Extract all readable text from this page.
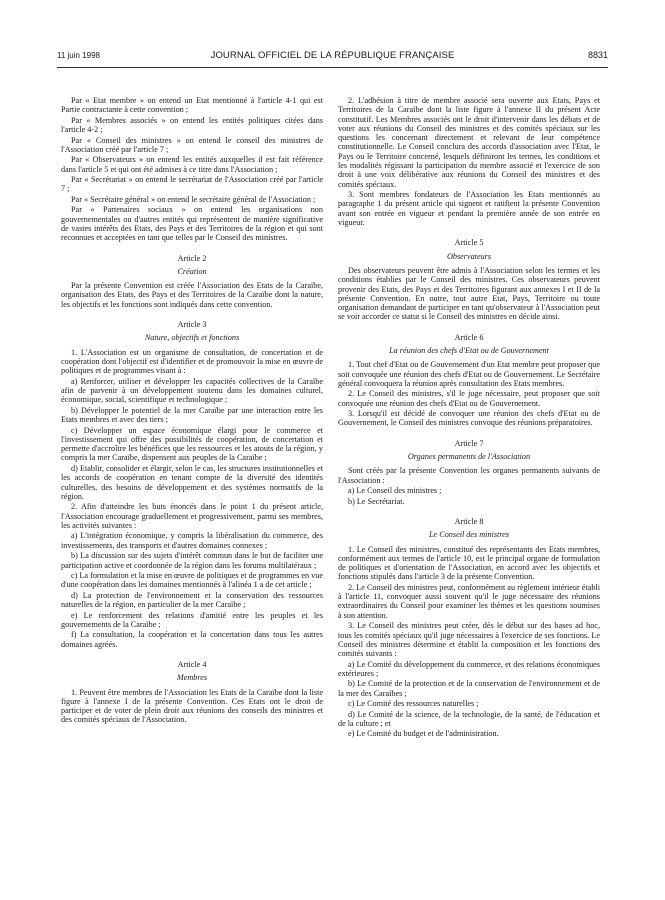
11 juin 1998	JOURNAL OFFICIEL DE LA RÉPUBLIQUE FRANÇAISE	8831

Par « Etat membre » on entend un Etat mentionné à l'article 4-1 qui est Partie contractante à cette convention ;

Par « Membres associés » on entend les entités politiques citées dans l'article 4-2 ;

Par « Conseil des ministres » on entend le conseil des ministres de l'Association créé par l'article 7 ;

Par « Observateurs » on entend les entités auxquelles il est fait référence dans l'article 5 et qui ont été admises à ce titre dans l'Association ;

Par « Secrétariat » on entend le secrétariat de l'Association créé par l'article 7 ;

Par « Secrétaire général » on entend le secrétaire général de l'Association ;

Par « Partenaires sociaux » on entend les organisations non gouvernementales ou d'autres entités qui représentent de manière significative de vastes intérêts des Etats, des Pays et des Territoires de la région et qui sont reconnues et acceptées en tant que telles par le Conseil des ministres.

Article 2
Création

Par la présente Convention est créée l'Association des Etats de la Caraïbe, organisation des Etats, des Pays et des Territoires de la Caraïbe dont la nature, les objectifs et les fonctions sont indiqués dans cette convention.

Article 3
Nature, objectifs et fonctions

1. L'Association est un organisme de consultation, de concertation et de coopération dont l'objectif est d'identifier et de promouvoir la mise en œuvre de politiques et de programmes visant à :

a) Renforcer, utiliser et développer les capacités collectives de la Caraïbe afin de parvenir à un développement soutenu dans les domaines culturel, économique, social, scientifique et technologique ;

b) Développer le potentiel de la mer Caraïbe par une interaction entre les Etats membres et avec des tiers ;

c) Développer un espace économique élargi pour le commerce et l'investissement qui offre des possibilités de coopération, de concertation et permette d'accroître les bénéfices que les ressources et les atouts de la région, y compris la mer Caraïbe, dispensent aux peuples de la Caraïbe ;

d) Etablir, consolider et élargir, selon le cas, les structures institutionnelles et les accords de coopération en tenant compte de la diversité des identités culturelles, des besoins de développement et des systèmes normatifs de la région.

2. Afin d'atteindre les buts énoncés dans le point 1 du présent article, l'Association encourage graduellement et progressivement, parmi ses membres, les activités suivantes :

a) L'intégration économique, y compris la libéralisation du commerce, des investissements, des transports et d'autres domaines connexes ;

b) La discussion sur des sujets d'intérêt commun dans le but de faciliter une participation active et coordonnée de la région dans les forums multilatéraux ;

c) La formulation et la mise en œuvre de politiques et de programmes en vue d'une coopération dans les domaines mentionnés à l'alinéa 1 a de cet article ;

d) La protection de l'environnement et la conservation des ressources naturelles de la région, en particulier de la mer Caraïbe ;

e) Le renforcement des relations d'amitié entre les peuples et les gouvernements de la Caraïbe ;

f) La consultation, la coopération et la concertation dans tous les autres domaines agréés.

Article 4
Membres

1. Peuvent être membres de l'Association les Etats de la Caraïbe dont la liste figure à l'annexe I de la présente Convention. Ces Etats ont le droit de participer et de voter de plein droit aux réunions des conseils des ministres et des comités spéciaux de l'Association.

2. L'adhésion à titre de membre associé sera ouverte aux Etats, Pays et Territoires de la Caraïbe dont la liste figure à l'annexe II du présent Acte constitutif. Les Membres associés ont le droit d'intervenir dans les débats et de voter aux réunions du Conseil des ministres et des comités spéciaux sur les questions les concernant directement et relevant de leur compétence constitutionnelle. Le Conseil conclura des accords d'association avec l'Etat, le Pays ou le Territoire concerné, lesquels définiront les termes, les conditions et les modalités régissant la participation du membre associé et l'exercice de son droit à une voix délibérative aux réunions du Conseil des ministres et des comités spéciaux.

3. Sont membres fondateurs de l'Association les Etats mentionnés au paragraphe 1 du présent article qui signent et ratifient la présente Convention avant son entrée en vigueur et pendant la première année de son entrée en vigueur.

Article 5
Observateurs

Des observateurs peuvent être admis à l'Association selon les termes et les conditions établies par le Conseil des ministres. Ces observateurs peuvent provenir des Etats, des Pays et des Territoires figurant aux annexes I et II de la présente Convention. En outre, tout autre Etat, Pays, Territoire ou toute organisation demandant de participer en tant qu'observateur à l'Association peut se voir accorder ce statut si le Conseil des ministres en décide ainsi.

Article 6
La réunion des chefs d'Etat ou de Gouvernement

1. Tout chef d'Etat ou de Gouvernement d'un Etat membre peut proposer que soit convoquée une réunion des chefs d'Etat ou de Gouvernement. Le Secrétaire général convoquera la réunion après consultation des Etats membres.

2. Le Conseil des ministres, s'il le juge nécessaire, peut proposer que soit convoquée une réunion des chefs d'Etat ou de Gouvernement.

3. Lorsqu'il est décidé de convoquer une réunion des chefs d'Etat ou de Gouvernement, le Conseil des ministres convoque des réunions préparatoires.

Article 7
Organes permanents de l'Association

Sont créés par la présente Convention les organes permanents suivants de l'Association :

a) Le Conseil des ministres ;

b) Le Secrétariat.

Article 8
Le Conseil des ministres

1. Le Conseil des ministres, constitué des représentants des Etats membres, conformément aux termes de l'article 10, est le principal organe de formulation de politiques et d'orientation de l'Association, en accord avec les objectifs et fonctions stipulés dans l'article 3 de la présente Convention.

2. Le Conseil des ministres peut, conformément au règlement intérieur établi à l'article 11, convoquer aussi souvent qu'il le juge nécessaire des réunions extraordinaires du Conseil pour examiner les thèmes et les questions soumises à son attention.

3. Le Conseil des ministres peut créer, dès le début sur des bases ad hoc, tous les comités spéciaux qu'il juge nécessaires à l'exercice de ses fonctions. Le Conseil des ministres détermine et établit la composition et les fonctions des comités suivants :

a) Le Comité du développement du commerce, et des relations économiques extérieures ;

b) Le Comité de la protection et de la conservation de l'environnement et de la mer des Caraïbes ;

c) Le Comité des ressources naturelles ;

d) Le Comité de la science, de la technologie, de la santé, de l'éducation et de la culture ; et

e) Le Comité du budget et de l'administration.
